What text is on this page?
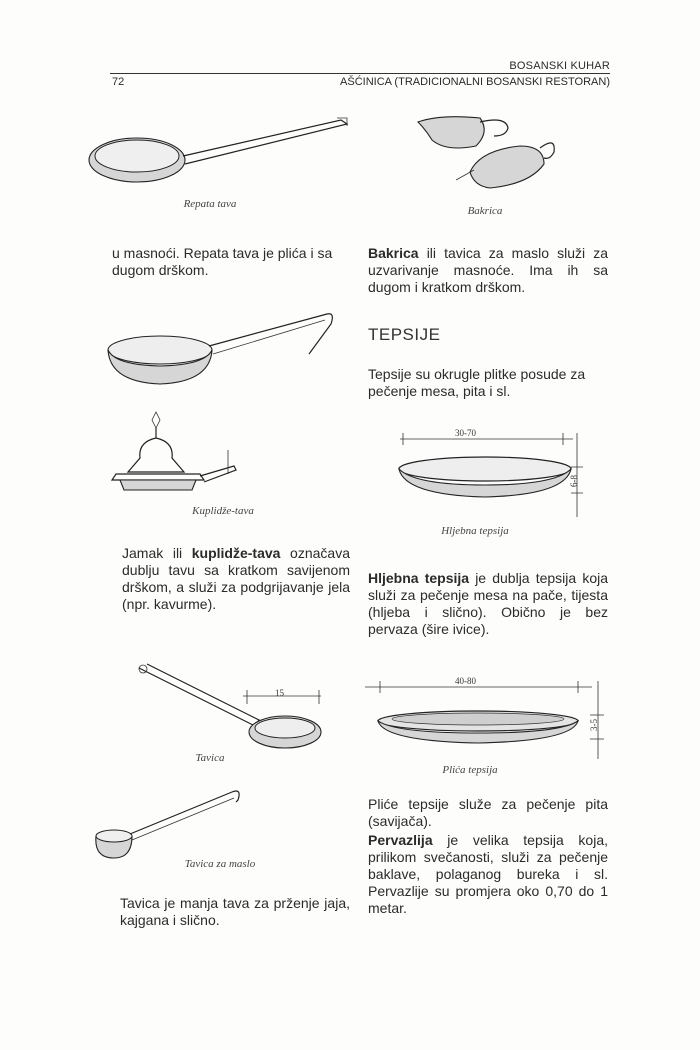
BOSANSKI KUHAR
72	AŠĆINICA (TRADICIONALNI BOSANSKI RESTORAN)
Repata tava
u masnoći. Repata tava je plića i sa dugom drškom.
Kuplidže-tava
Jamak ili kuplidže-tava označava dublju tavu sa kratkom savijenom drškom, a služi za podgrijavanje jela (npr. kavurme).
15
Tavica
Tavica za maslo
Tavica je manja tava za prženje jaja, kajgana i slično.
Bakrica
Bakrica ili tavica za maslo služi za uzvarivanje masnoće. Ima ih sa dugom i kratkom drškom.
TEPSIJE
Tepsije su okrugle plitke posude za pečenje mesa, pita i sl.
30-70
6-8
Hljebna tepsija
Hljebna tepsija je dublja tepsija koja služi za pečenje mesa na pače, tijesta (hljeba i slično). Obično je bez pervaza (šire ivice).
40-80
3-5
Plića tepsija
Pliće tepsije služe za pečenje pita (savijača).
Pervazlija je velika tepsija koja, prilikom svečanosti, služi za pečenje baklave, polaganog bureka i sl. Pervazlije su promjera oko 0,70 do 1 metar.
